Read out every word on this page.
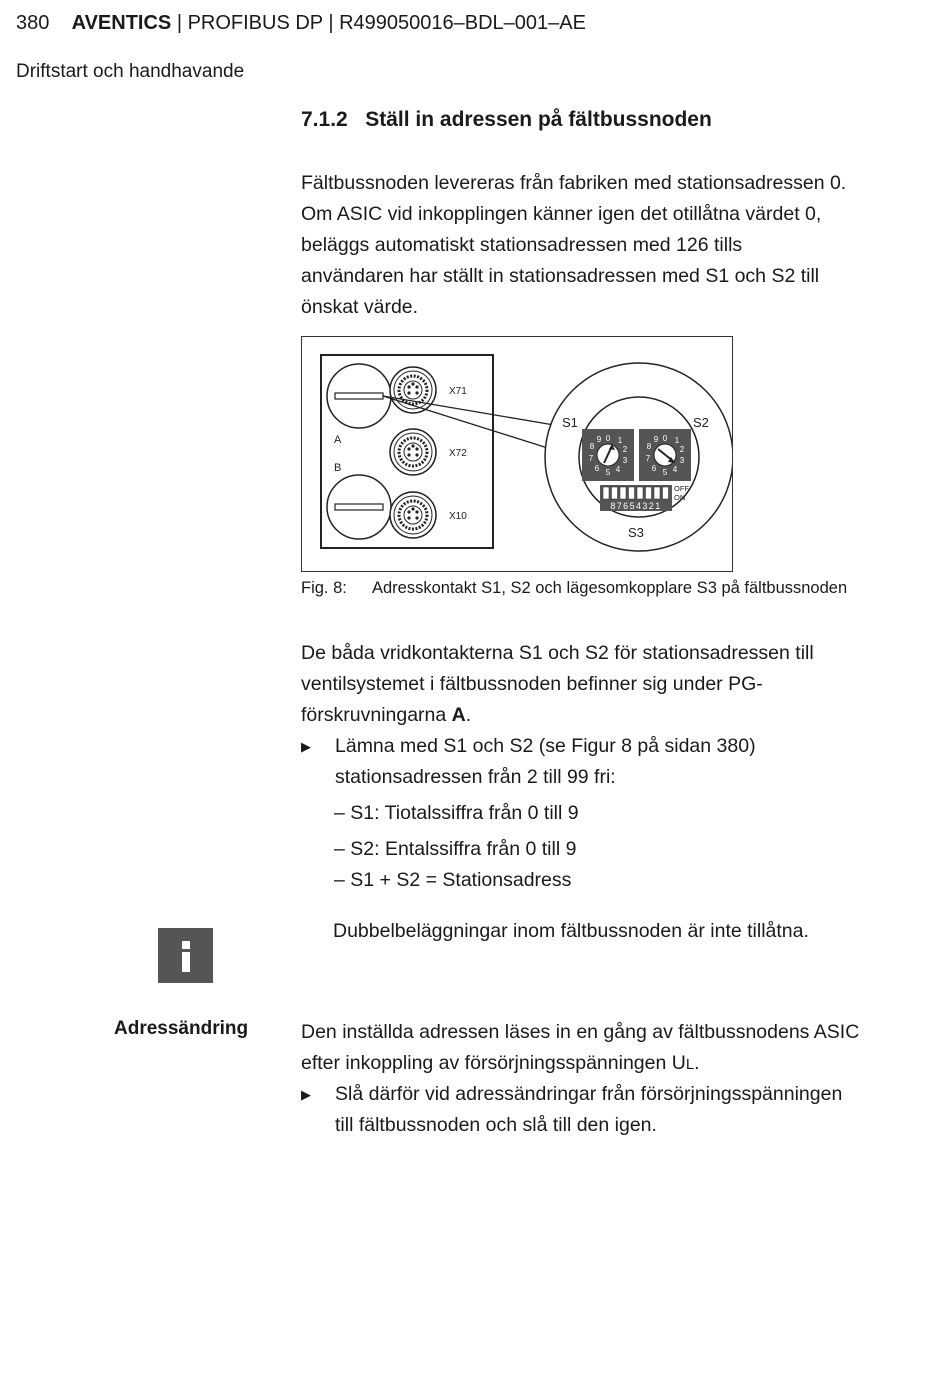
380 AVENTICS | PROFIBUS DP | R499050016–BDL–001–AE
Driftstart och handhavande
7.1.2 Ställ in adressen på fältbussnoden
Fältbussnoden levereras från fabriken med stationsadressen 0.
Om ASIC vid inkopplingen känner igen det otillåtna värdet 0,
beläggs automatiskt stationsadressen med 126 tills
användaren har ställt in stationsadressen med S1 och S2 till
önskat värde.
A
B
X71
X72
X10
S1	S2
0 1
2
3
4
5
6
7
8
9	0 1
2
3
4
5
6
7
8
9
87654321
OFF
ON
S3
Fig. 8: Adresskontakt S1, S2 och lägesomkopplare S3 på fältbussnoden
De båda vridkontakterna S1 och S2 för stationsadressen till
ventilsystemet i fältbussnoden befinner sig under PG-
förskruvningarna A.
▶ Lämna med S1 och S2 (se Figur 8 på sidan 380)
stationsadressen från 2 till 99 fri:
– S1: Tiotalssiffra från 0 till 9
– S2: Entalssiffra från 0 till 9
– S1 + S2 = Stationsadress
Dubbelbeläggningar inom fältbussnoden är inte tillåtna.
Adressändring	Den inställda adressen läses in en gång av fältbussnodens ASIC
efter inkoppling av försörjningsspänningen UL.
▶ Slå därför vid adressändringar från försörjningsspänningen
till fältbussnoden och slå till den igen.
